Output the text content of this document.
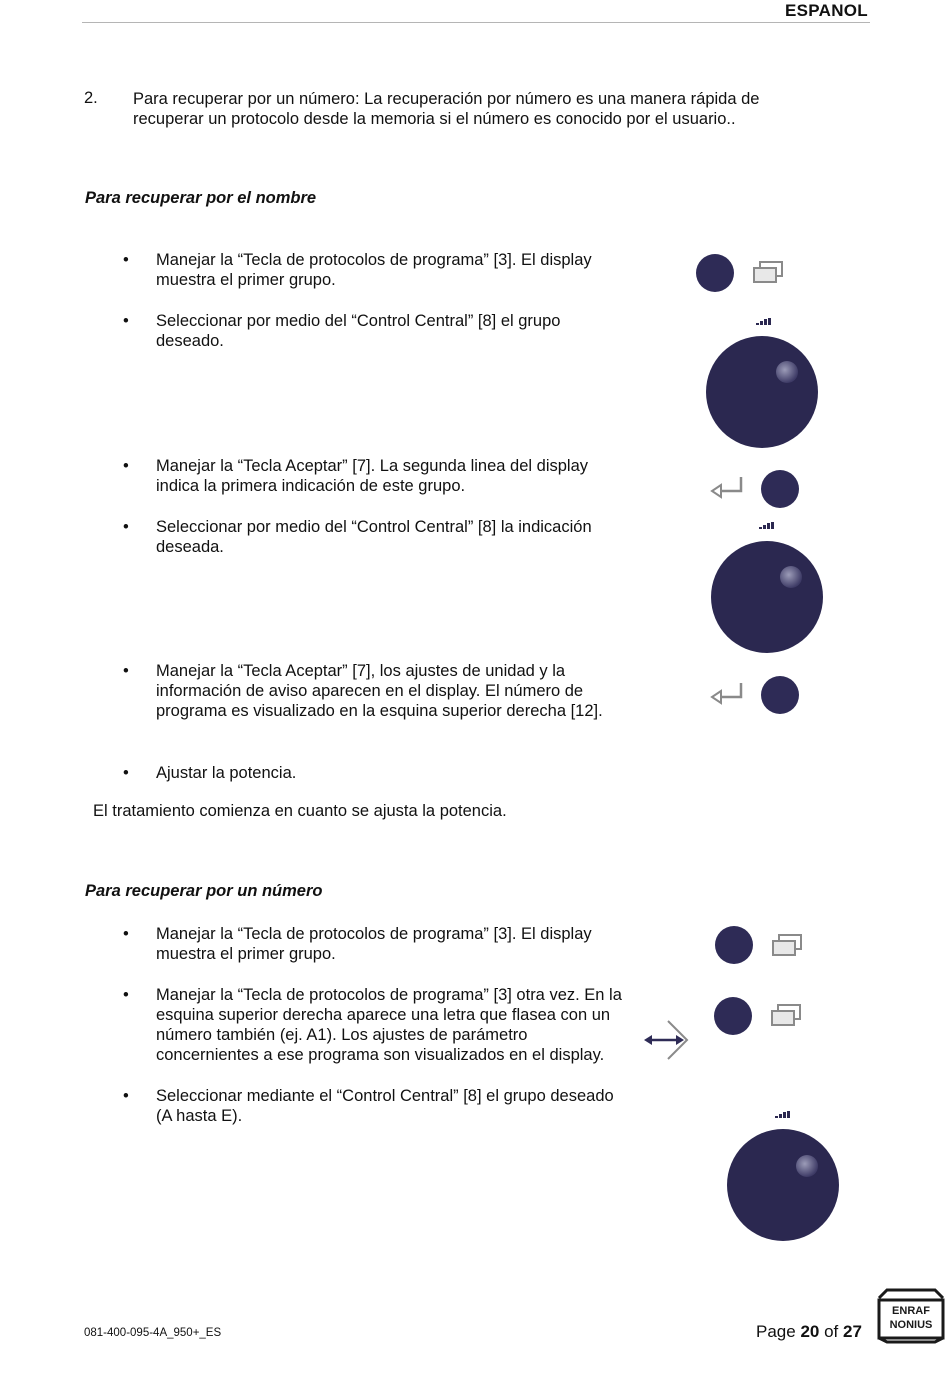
ESPANOL
2. Para recuperar por un número: La recuperación por número es una manera rápida de recuperar un protocolo desde la memoria si el número es conocido por el usuario..
Para recuperar por el nombre
• Manejar la “Tecla de protocolos de programa” [3]. El display muestra el primer grupo.
• Seleccionar por medio del “Control Central” [8] el grupo deseado.
• Manejar la “Tecla Aceptar” [7]. La segunda linea del display indica la primera indicación de este grupo.
• Seleccionar por medio del “Control Central” [8] la indicación deseada.
• Manejar la “Tecla Aceptar” [7], los ajustes de unidad y la información de aviso aparecen en el display. El número de programa es visualizado en la esquina superior derecha [12].
• Ajustar la potencia.
El tratamiento comienza en cuanto se ajusta la potencia.
Para recuperar por un número
• Manejar la “Tecla de protocolos de programa” [3]. El display muestra el primer grupo.
• Manejar la “Tecla de protocolos de programa” [3] otra vez. En la esquina superior derecha aparece una letra que flasea con un número también (ej. A1). Los ajustes de parámetro concernientes a ese programa son visualizados en el display.
• Seleccionar mediante el “Control Central” [8] el grupo deseado (A hasta E).
081-400-095-4A_950+_ES	Page 20 of 27
ENRAF
NONIUS
